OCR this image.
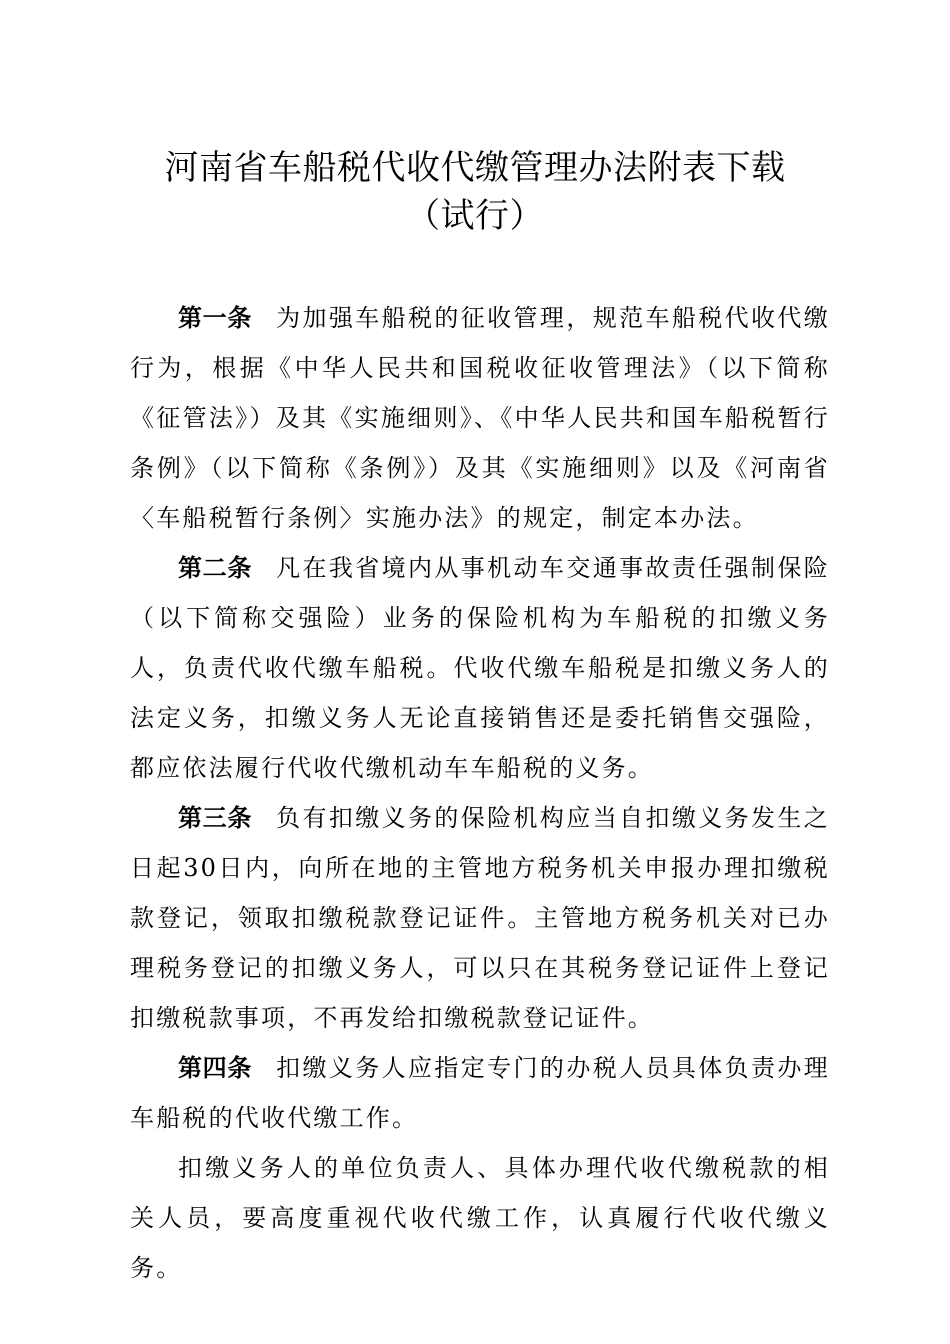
河南省车船税代收代缴管理办法附表下载
（试行）

第一条 为加强车船税的征收管理，规范车船税代收代缴行为，根据《中华人民共和国税收征收管理法》（以下简称《征管法》）及其《实施细则》、《中华人民共和国车船税暂行条例》（以下简称《条例》）及其《实施细则》以及《河南省〈车船税暂行条例〉实施办法》的规定，制定本办法。

第二条 凡在我省境内从事机动车交通事故责任强制保险（以下简称交强险）业务的保险机构为车船税的扣缴义务人，负责代收代缴车船税。代收代缴车船税是扣缴义务人的法定义务，扣缴义务人无论直接销售还是委托销售交强险，都应依法履行代收代缴机动车车船税的义务。

第三条 负有扣缴义务的保险机构应当自扣缴义务发生之日起30日内，向所在地的主管地方税务机关申报办理扣缴税款登记，领取扣缴税款登记证件。主管地方税务机关对已办理税务登记的扣缴义务人，可以只在其税务登记证件上登记扣缴税款事项，不再发给扣缴税款登记证件。

第四条 扣缴义务人应指定专门的办税人员具体负责办理车船税的代收代缴工作。

扣缴义务人的单位负责人、具体办理代收代缴税款的相关人员，要高度重视代收代缴工作，认真履行代收代缴义务。
